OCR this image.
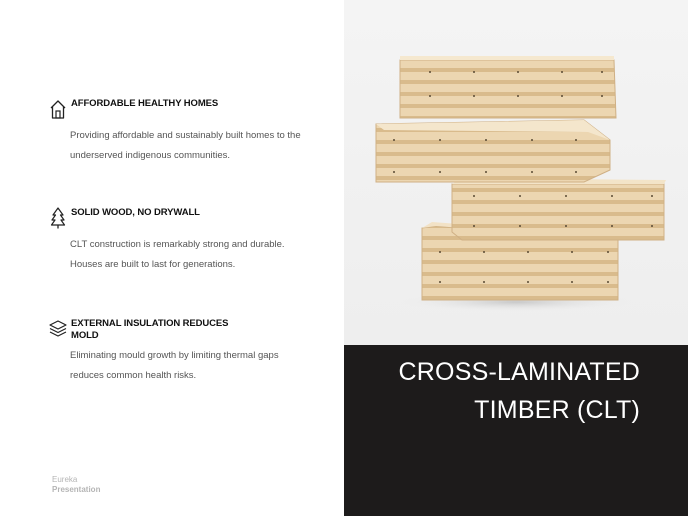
AFFORDABLE HEALTHY HOMES
Providing affordable and sustainably built homes to the underserved indigenous communities.
SOLID WOOD, NO DRYWALL
CLT construction is remarkably strong and durable. Houses are built to last for generations.
EXTERNAL INSULATION REDUCES MOLD
Eliminating mould growth by limiting thermal gaps reduces common health risks.
Eureka
Presentation
CROSS-LAMINATED TIMBER (CLT)
